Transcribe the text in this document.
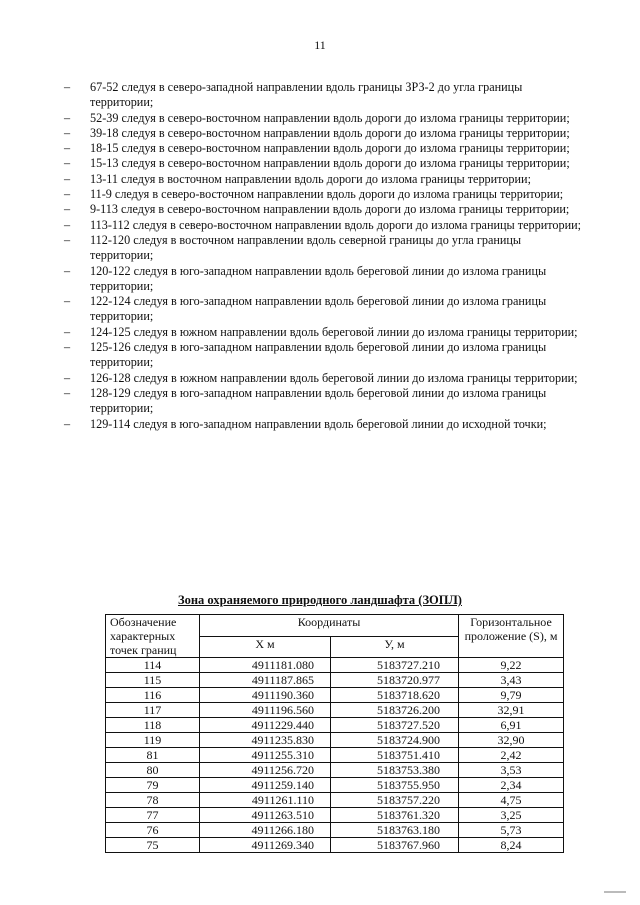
11
– 67-52 следуя в северо-западной направлении вдоль границы ЗРЗ-2 до угла границы территории;
– 52-39 следуя в северо-восточном направлении вдоль дороги до излома границы территории;
– 39-18 следуя в северо-восточном направлении вдоль дороги до излома границы территории;
– 18-15 следуя в северо-восточном направлении вдоль дороги до излома границы территории;
– 15-13 следуя в северо-восточном направлении вдоль дороги до излома границы территории;
– 13-11 следуя в восточном направлении вдоль дороги до излома границы территории;
– 11-9 следуя в северо-восточном направлении вдоль дороги до излома границы территории;
– 9-113 следуя в северо-восточном направлении вдоль дороги до излома границы территории;
– 113-112 следуя в северо-восточном направлении вдоль дороги до излома границы территории;
– 112-120 следуя в восточном направлении вдоль северной границы до угла границы территории;
– 120-122 следуя в юго-западном направлении вдоль береговой линии до излома границы территории;
– 122-124 следуя в юго-западном направлении вдоль береговой линии до излома границы территории;
– 124-125 следуя в южном направлении вдоль береговой линии до излома границы территории;
– 125-126 следуя в юго-западном направлении вдоль береговой линии до излома границы территории;
– 126-128 следуя в южном направлении вдоль береговой линии до излома границы территории;
– 128-129 следуя в юго-западном направлении вдоль береговой линии до излома границы территории;
– 129-114 следуя в юго-западном направлении вдоль береговой линии до исходной точки;
Зона охраняемого природного ландшафта (ЗОПЛ)
Обозначение характерных точек границ	Координаты		Горизонтальное проложение (S), м
	Х м	У, м	
114	4911181.080	5183727.210	9,22
115	4911187.865	5183720.977	3,43
116	4911190.360	5183718.620	9,79
117	4911196.560	5183726.200	32,91
118	4911229.440	5183727.520	6,91
119	4911235.830	5183724.900	32,90
81	4911255.310	5183751.410	2,42
80	4911256.720	5183753.380	3,53
79	4911259.140	5183755.950	2,34
78	4911261.110	5183757.220	4,75
77	4911263.510	5183761.320	3,25
76	4911266.180	5183763.180	5,73
75	4911269.340	5183767.960	8,24
